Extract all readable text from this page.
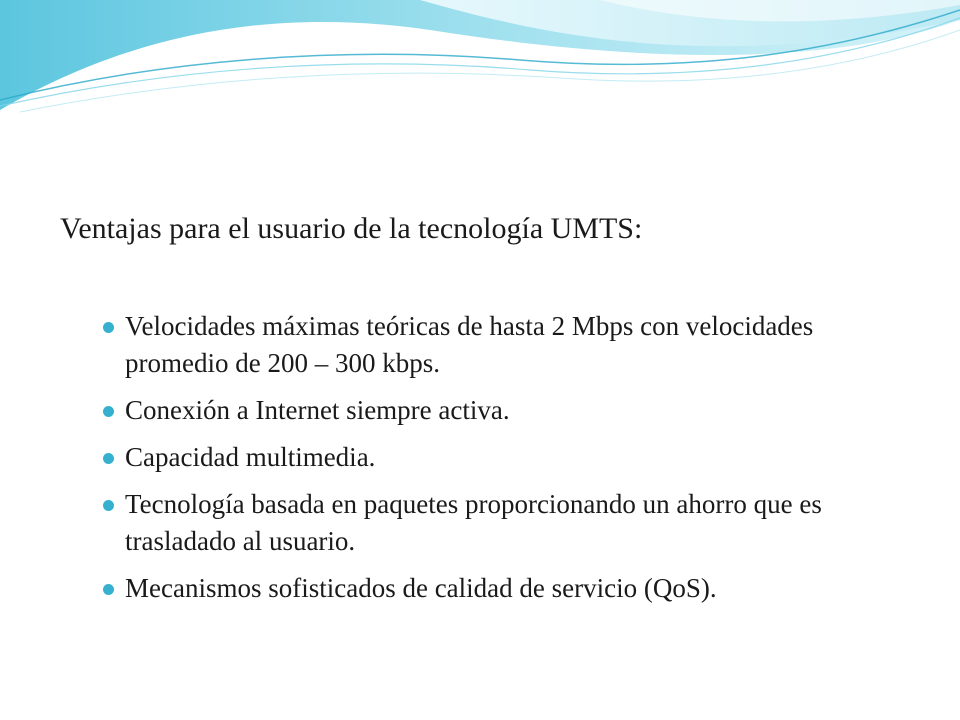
Ventajas para el usuario de la tecnología UMTS:
Velocidades máximas teóricas de hasta 2 Mbps con velocidades promedio de 200 – 300 kbps.
Conexión a Internet siempre activa.
Capacidad multimedia.
Tecnología basada en paquetes proporcionando un ahorro que es trasladado al usuario.
Mecanismos sofisticados de calidad de servicio (QoS).
